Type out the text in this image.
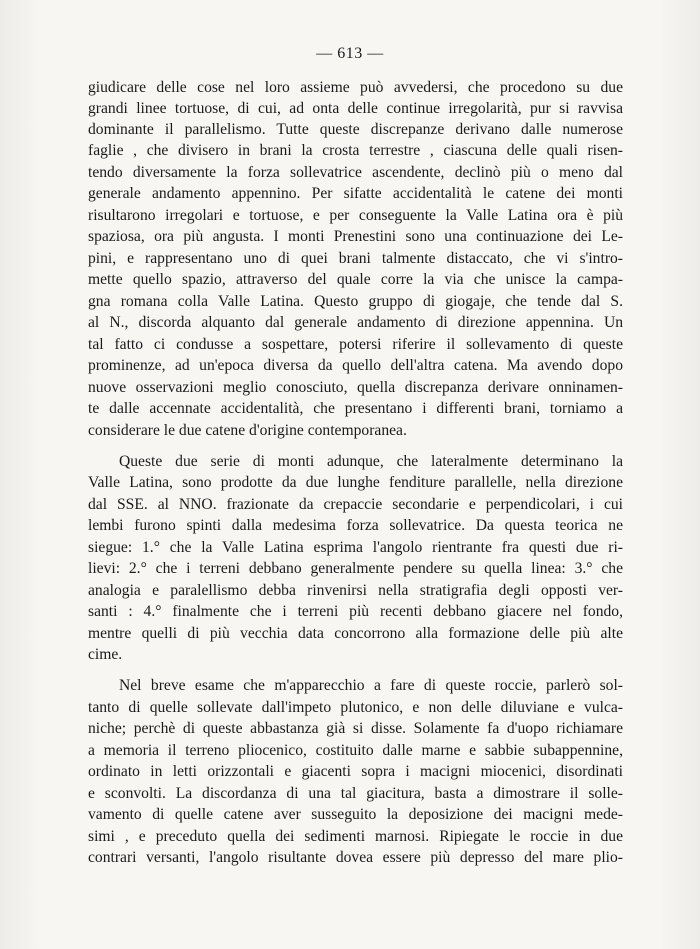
— 613 —
giudicare delle cose nel loro assieme può avvedersi, che procedono su due
grandi linee tortuose, di cui, ad onta delle continue irregolarità, pur si ravvisa
dominante il parallelismo. Tutte queste discrepanze derivano dalle numerose
faglie , che divisero in brani la crosta terrestre , ciascuna delle quali risen-
tendo diversamente la forza sollevatrice ascendente, declinò più o meno dal
generale andamento appennino. Per sifatte accidentalità le catene dei monti
risultarono irregolari e tortuose, e per conseguente la Valle Latina ora è più
spaziosa, ora più angusta. I monti Prenestini sono una continuazione dei Le-
pini, e rappresentano uno di quei brani talmente distaccato, che vi s'intro-
mette quello spazio, attraverso del quale corre la via che unisce la campa-
gna romana colla Valle Latina. Questo gruppo di giogaje, che tende dal S.
al N., discorda alquanto dal generale andamento di direzione appennina. Un
tal fatto ci condusse a sospettare, potersi riferire il sollevamento di queste
prominenze, ad un'epoca diversa da quello dell'altra catena. Ma avendo dopo
nuove osservazioni meglio conosciuto, quella discrepanza derivare onninamen-
te dalle accennate accidentalità, che presentano i differenti brani, torniamo a
considerare le due catene d'origine contemporanea.
Queste due serie di monti adunque, che lateralmente determinano la
Valle Latina, sono prodotte da due lunghe fenditure parallelle, nella direzione
dal SSE. al NNO. frazionate da crepaccie secondarie e perpendicolari, i cui
lembi furono spinti dalla medesima forza sollevatrice. Da questa teorica ne
siegue: 1.° che la Valle Latina esprima l'angolo rientrante fra questi due ri-
lievi: 2.° che i terreni debbano generalmente pendere su quella linea: 3.° che
analogia e paralellismo debba rinvenirsi nella stratigrafia degli opposti ver-
santi : 4.° finalmente che i terreni più recenti debbano giacere nel fondo,
mentre quelli di più vecchia data concorrono alla formazione delle più alte
cime.
Nel breve esame che m'apparecchio a fare di queste roccie, parlerò sol-
tanto di quelle sollevate dall'impeto plutonico, e non delle diluviane e vulca-
niche; perchè di queste abbastanza già si disse. Solamente fa d'uopo richiamare
a memoria il terreno pliocenico, costituito dalle marne e sabbie subappennine,
ordinato in letti orizzontali e giacenti sopra i macigni miocenici, disordinati
e sconvolti. La discordanza di una tal giacitura, basta a dimostrare il solle-
vamento di quelle catene aver susseguito la deposizione dei macigni mede-
simi , e preceduto quella dei sedimenti marnosi. Ripiegate le roccie in due
contrari versanti, l'angolo risultante dovea essere più depresso del mare plio-
